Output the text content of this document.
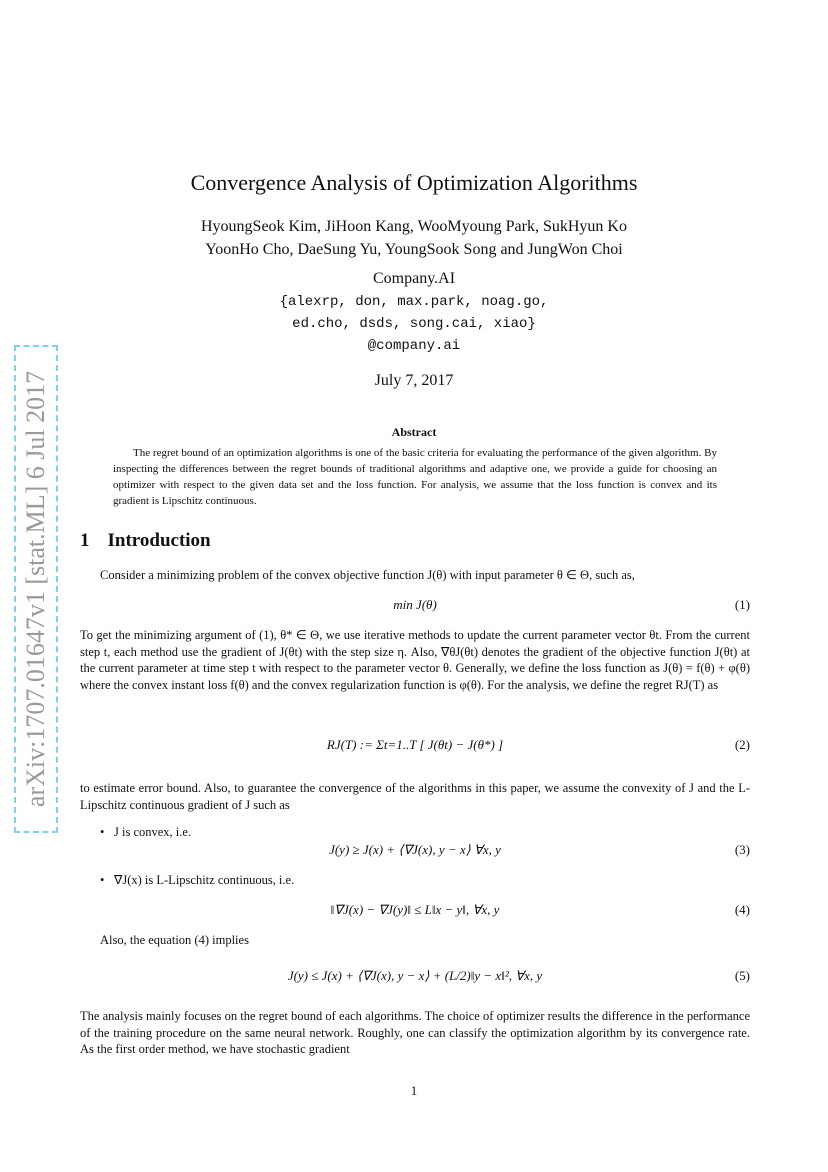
arXiv:1707.01647v1 [stat.ML] 6 Jul 2017
Convergence Analysis of Optimization Algorithms
HyoungSeok Kim, JiHoon Kang, WooMyoung Park, SukHyun Ko
YoonHo Cho, DaeSung Yu, YoungSook Song and JungWon Choi
Company.AI
{alexrp, don, max.park, noag.go,
ed.cho, dsds, song.cai, xiao}
@company.ai
July 7, 2017
Abstract
The regret bound of an optimization algorithms is one of the basic criteria for evaluating the performance of the given algorithm. By inspecting the differences between the regret bounds of traditional algorithms and adaptive one, we provide a guide for choosing an optimizer with respect to the given data set and the loss function. For analysis, we assume that the loss function is convex and its gradient is Lipschitz continuous.
1 Introduction
Consider a minimizing problem of the convex objective function J(θ) with input parameter θ ∈ Θ, such as,
min J(θ)	(1)
To get the minimizing argument of (1), θ* ∈ Θ, we use iterative methods to update the current parameter vector θt. From the current step t, each method use the gradient of J(θt) with the step size η. Also, ∇θJ(θt) denotes the gradient of the objective function J(θt) at the current parameter at time step t with respect to the parameter vector θ. Generally, we define the loss function as J(θ) = f(θ) + φ(θ) where the convex instant loss f(θ) and the convex regularization function is φ(θ). For the analysis, we define the regret RJ(T) as
RJ(T) := Σt=1..T [ J(θt) − J(θ*) ]	(2)
to estimate error bound. Also, to guarantee the convergence of the algorithms in this paper, we assume the convexity of J and the L-Lipschitz continuous gradient of J such as
• J is convex, i.e.
J(y) ≥ J(x) + ⟨∇J(x), y − x⟩ ∀x, y	(3)
• ∇J(x) is L-Lipschitz continuous, i.e.
‖∇J(x) − ∇J(y)‖ ≤ L‖x − y‖, ∀x, y	(4)
Also, the equation (4) implies
J(y) ≤ J(x) + ⟨∇J(x), y − x⟩ + (L/2)‖y − x‖², ∀x, y	(5)
The analysis mainly focuses on the regret bound of each algorithms. The choice of optimizer results the difference in the performance of the training procedure on the same neural network. Roughly, one can classify the optimization algorithm by its convergence rate. As the first order method, we have stochastic gradient
1
